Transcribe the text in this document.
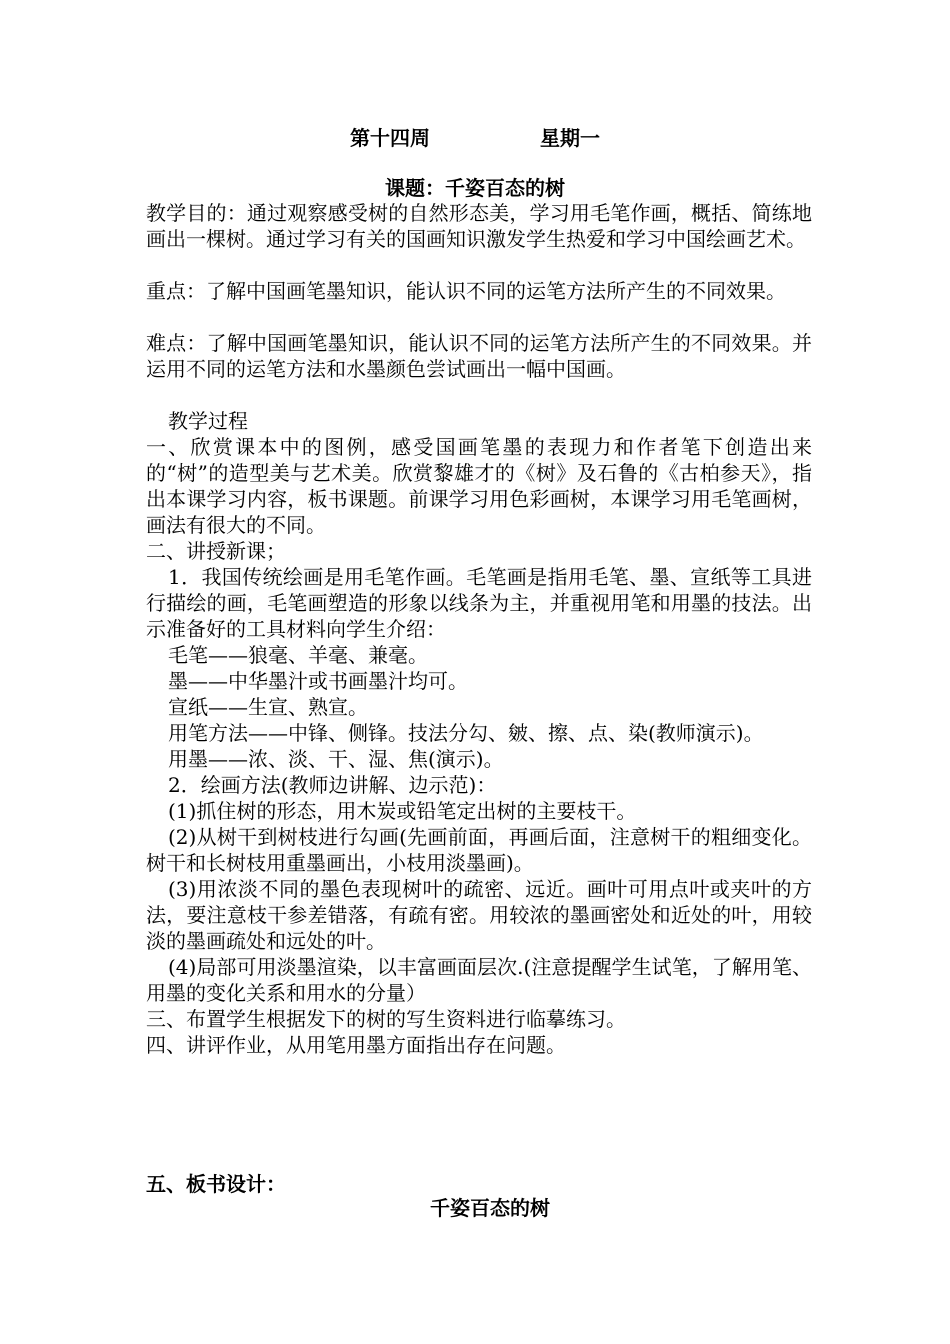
第十四周	星期一
课题：千姿百态的树

教学目的：通过观察感受树的自然形态美，学习用毛笔作画，概括、简练地画出一棵树。通过学习有关的国画知识激发学生热爱和学习中国绘画艺术。

重点：了解中国画笔墨知识，能认识不同的运笔方法所产生的不同效果。

难点：了解中国画笔墨知识，能认识不同的运笔方法所产生的不同效果。并运用不同的运笔方法和水墨颜色尝试画出一幅中国画。

教学过程

一、欣赏课本中的图例，感受国画笔墨的表现力和作者笔下创造出来的“树”的造型美与艺术美。欣赏黎雄才的《树》及石鲁的《古柏参天》，指出本课学习内容，板书课题。前课学习用色彩画树，本课学习用毛笔画树，画法有很大的不同。

二、讲授新课；

1．我国传统绘画是用毛笔作画。毛笔画是指用毛笔、墨、宣纸等工具进行描绘的画，毛笔画塑造的形象以线条为主，并重视用笔和用墨的技法。出示准备好的工具材料向学生介绍：

毛笔——狼毫、羊毫、兼毫。

墨——中华墨汁或书画墨汁均可。

宣纸——生宣、熟宣。

用笔方法——中锋、侧锋。技法分勾、皴、擦、点、染(教师演示)。

用墨——浓、淡、干、湿、焦(演示)。

2．绘画方法(教师边讲解、边示范)：

(1)抓住树的形态，用木炭或铅笔定出树的主要枝干。

(2)从树干到树枝进行勾画(先画前面，再画后面，注意树干的粗细变化。树干和长树枝用重墨画出，小枝用淡墨画)。

(3)用浓淡不同的墨色表现树叶的疏密、远近。画叶可用点叶或夹叶的方法，要注意枝干参差错落，有疏有密。用较浓的墨画密处和近处的叶，用较淡的墨画疏处和远处的叶。

(4)局部可用淡墨渲染，以丰富画面层次.(注意提醒学生试笔，了解用笔、用墨的变化关系和用水的分量）

三、布置学生根据发下的树的写生资料进行临摹练习。

四、讲评作业，从用笔用墨方面指出存在问题。

五、板书设计：
千姿百态的树
